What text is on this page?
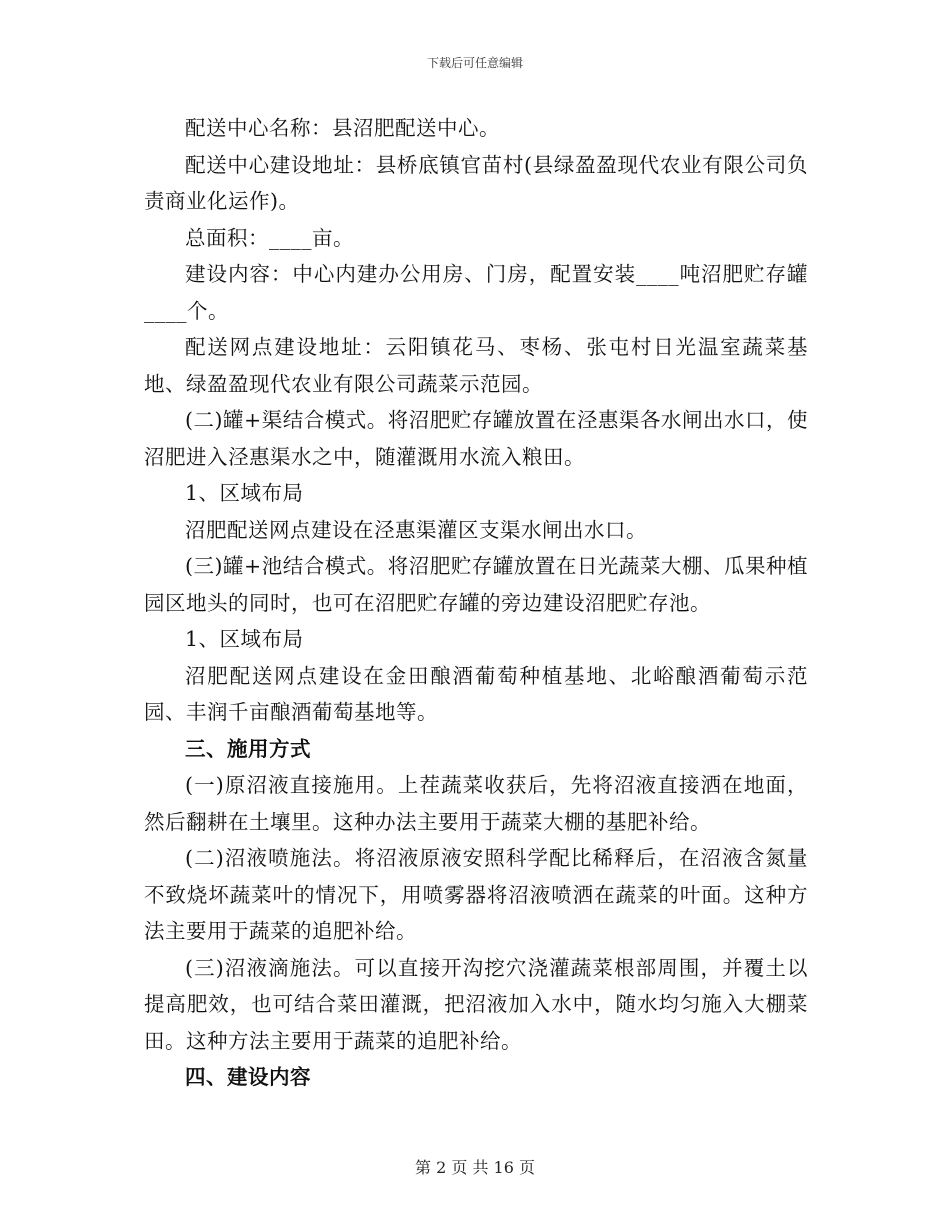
下载后可任意编辑

配送中心名称：县沼肥配送中心。

配送中心建设地址：县桥底镇官苗村(县绿盈盈现代农业有限公司负责商业化运作)。

总面积：____亩。

建设内容：中心内建办公用房、门房，配置安装____吨沼肥贮存罐____个。

配送网点建设地址：云阳镇花马、枣杨、张屯村日光温室蔬菜基地、绿盈盈现代农业有限公司蔬菜示范园。

(二)罐+渠结合模式。将沼肥贮存罐放置在泾惠渠各水闸出水口，使沼肥进入泾惠渠水之中，随灌溉用水流入粮田。

1、区域布局

沼肥配送网点建设在泾惠渠灌区支渠水闸出水口。

(三)罐+池结合模式。将沼肥贮存罐放置在日光蔬菜大棚、瓜果种植园区地头的同时，也可在沼肥贮存罐的旁边建设沼肥贮存池。

1、区域布局

沼肥配送网点建设在金田酿酒葡萄种植基地、北峪酿酒葡萄示范园、丰润千亩酿酒葡萄基地等。

三、施用方式

(一)原沼液直接施用。上茬蔬菜收获后，先将沼液直接洒在地面，然后翻耕在土壤里。这种办法主要用于蔬菜大棚的基肥补给。

(二)沼液喷施法。将沼液原液安照科学配比稀释后，在沼液含氮量不致烧坏蔬菜叶的情况下，用喷雾器将沼液喷洒在蔬菜的叶面。这种方法主要用于蔬菜的追肥补给。

(三)沼液滴施法。可以直接开沟挖穴浇灌蔬菜根部周围，并覆土以提高肥效，也可结合菜田灌溉，把沼液加入水中，随水均匀施入大棚菜田。这种方法主要用于蔬菜的追肥补给。

四、建设内容

第 2 页 共 16 页
